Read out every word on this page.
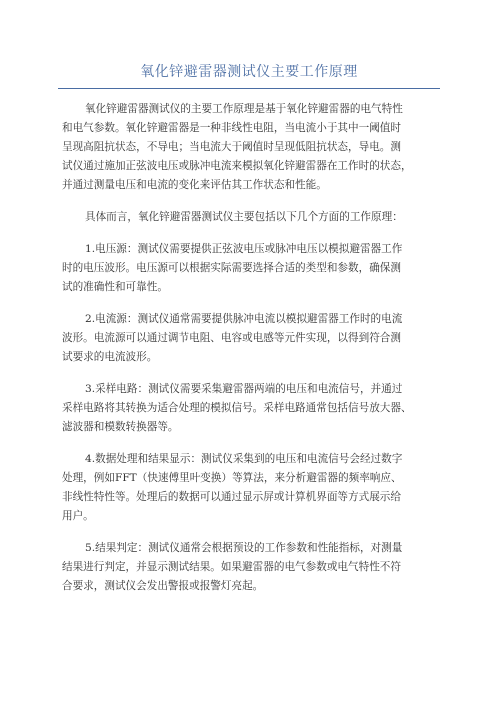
氧化锌避雷器测试仪主要工作原理

氧化锌避雷器测试仪的主要工作原理是基于氧化锌避雷器的电气特性
和电气参数。氧化锌避雷器是一种非线性电阻，当电流小于其中一阈值时
呈现高阻抗状态，不导电；当电流大于阈值时呈现低阻抗状态，导电。测
试仪通过施加正弦波电压或脉冲电流来模拟氧化锌避雷器在工作时的状态，
并通过测量电压和电流的变化来评估其工作状态和性能。

具体而言，氧化锌避雷器测试仪主要包括以下几个方面的工作原理：

1.电压源：测试仪需要提供正弦波电压或脉冲电压以模拟避雷器工作
时的电压波形。电压源可以根据实际需要选择合适的类型和参数，确保测
试的准确性和可靠性。

2.电流源：测试仪通常需要提供脉冲电流以模拟避雷器工作时的电流
波形。电流源可以通过调节电阻、电容或电感等元件实现，以得到符合测
试要求的电流波形。

3.采样电路：测试仪需要采集避雷器两端的电压和电流信号，并通过
采样电路将其转换为适合处理的模拟信号。采样电路通常包括信号放大器、
滤波器和模数转换器等。

4.数据处理和结果显示：测试仪采集到的电压和电流信号会经过数字
处理，例如FFT（快速傅里叶变换）等算法，来分析避雷器的频率响应、
非线性特性等。处理后的数据可以通过显示屏或计算机界面等方式展示给
用户。

5.结果判定：测试仪通常会根据预设的工作参数和性能指标，对测量
结果进行判定，并显示测试结果。如果避雷器的电气参数或电气特性不符
合要求，测试仪会发出警报或报警灯亮起。
